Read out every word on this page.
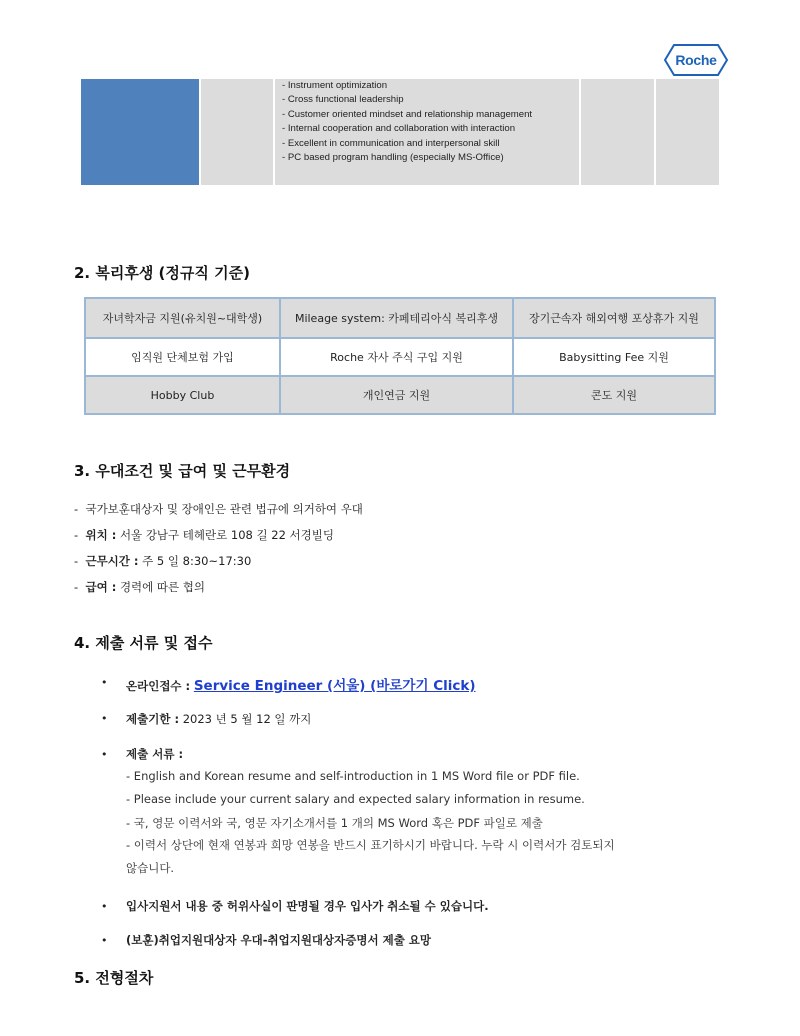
Roche
- Instrument optimization
- Cross functional leadership
- Customer oriented mindset and relationship management
- Internal cooperation and collaboration with interaction
- Excellent in communication and interpersonal skill
- PC based program handling (especially MS-Office)
2. 복리후생 (정규직 기준)
자녀학자금 지원(유치원~대학생)	Mileage system: 카페테리아식 복리후생	장기근속자 해외여행 포상휴가 지원
임직원 단체보험 가입	Roche 자사 주식 구입 지원	Babysitting Fee 지원
Hobby Club	개인연금 지원	콘도 지원
3. 우대조건 및 급여 및 근무환경
-  국가보훈대상자 및 장애인은 관련 법규에 의거하여 우대
-  위치 : 서울 강남구 테헤란로 108 길 22 서경빌딩
-  근무시간 : 주 5 일 8:30~17:30
-  급여 : 경력에 따른 협의
4. 제출 서류 및 접수
• 온라인접수 : Service Engineer (서울) (바로가기 Click)
• 제출기한 : 2023 년 5 월 12 일 까지
• 제출 서류 :
- English and Korean resume and self-introduction in 1 MS Word file or PDF file.
- Please include your current salary and expected salary information in resume.
- 국, 영문 이력서와 국, 영문 자기소개서를 1 개의 MS Word 혹은 PDF 파일로 제출
- 이력서 상단에 현재 연봉과 희망 연봉을 반드시 표기하시기 바랍니다. 누락 시 이력서가 검토되지
않습니다.
• 입사지원서 내용 중 허위사실이 판명될 경우 입사가 취소될 수 있습니다.
• (보훈)취업지원대상자 우대-취업지원대상자증명서 제출 요망
5. 전형절차
